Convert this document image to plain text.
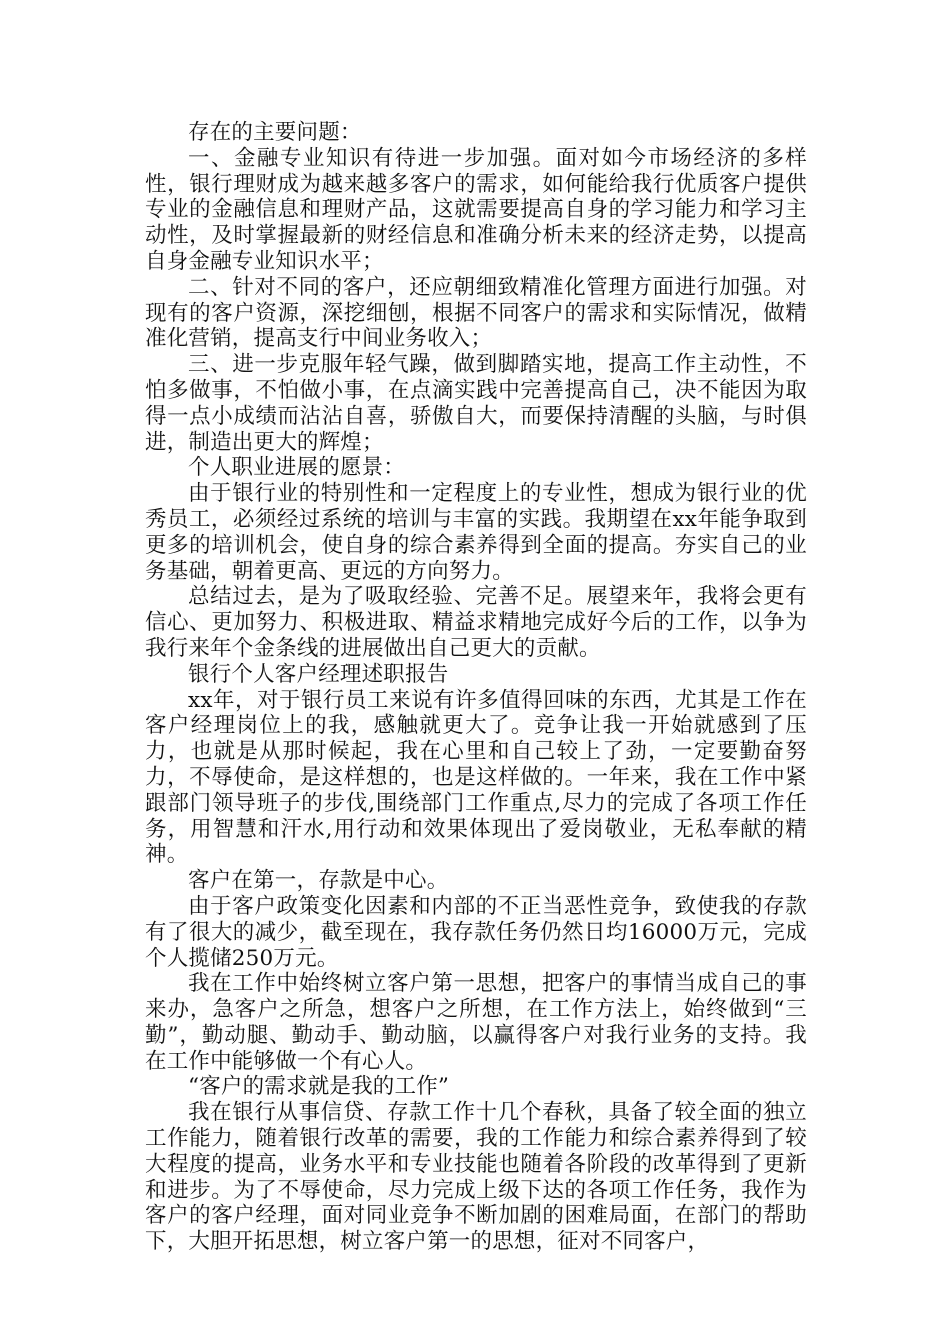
存在的主要问题：

一、金融专业知识有待进一步加强。面对如今市场经济的多样性，银行理财成为越来越多客户的需求，如何能给我行优质客户提供专业的金融信息和理财产品，这就需要提高自身的学习能力和学习主动性，及时掌握最新的财经信息和准确分析未来的经济走势，以提高自身金融专业知识水平；

二、针对不同的客户，还应朝细致精准化管理方面进行加强。对现有的客户资源，深挖细刨，根据不同客户的需求和实际情况，做精准化营销，提高支行中间业务收入；

三、进一步克服年轻气躁，做到脚踏实地，提高工作主动性，不怕多做事，不怕做小事，在点滴实践中完善提高自己，决不能因为取得一点小成绩而沾沾自喜，骄傲自大，而要保持清醒的头脑，与时俱进，制造出更大的辉煌；

个人职业进展的愿景：

由于银行业的特别性和一定程度上的专业性，想成为银行业的优秀员工，必须经过系统的培训与丰富的实践。我期望在xx年能争取到更多的培训机会，使自身的综合素养得到全面的提高。夯实自己的业务基础，朝着更高、更远的方向努力。

总结过去，是为了吸取经验、完善不足。展望来年，我将会更有信心、更加努力、积极进取、精益求精地完成好今后的工作，以争为我行来年个金条线的进展做出自己更大的贡献。

银行个人客户经理述职报告

xx年，对于银行员工来说有许多值得回味的东西，尤其是工作在客户经理岗位上的我，感触就更大了。竞争让我一开始就感到了压力，也就是从那时候起，我在心里和自己较上了劲，一定要勤奋努力，不辱使命，是这样想的，也是这样做的。一年来，我在工作中紧跟部门领导班子的步伐,围绕部门工作重点,尽力的完成了各项工作任务，用智慧和汗水,用行动和效果体现出了爱岗敬业，无私奉献的精神。

客户在第一，存款是中心。

由于客户政策变化因素和内部的不正当恶性竞争，致使我的存款有了很大的减少，截至现在，我存款任务仍然日均16000万元，完成个人揽储250万元。

我在工作中始终树立客户第一思想，把客户的事情当成自己的事来办，急客户之所急，想客户之所想，在工作方法上，始终做到“三勤”，勤动腿、勤动手、勤动脑，以赢得客户对我行业务的支持。我在工作中能够做一个有心人。

“客户的需求就是我的工作”

我在银行从事信贷、存款工作十几个春秋，具备了较全面的独立工作能力，随着银行改革的需要，我的工作能力和综合素养得到了较大程度的提高，业务水平和专业技能也随着各阶段的改革得到了更新和进步。为了不辱使命，尽力完成上级下达的各项工作任务，我作为客户的客户经理，面对同业竞争不断加剧的困难局面，在部门的帮助下，大胆开拓思想，树立客户第一的思想，征对不同客户，
